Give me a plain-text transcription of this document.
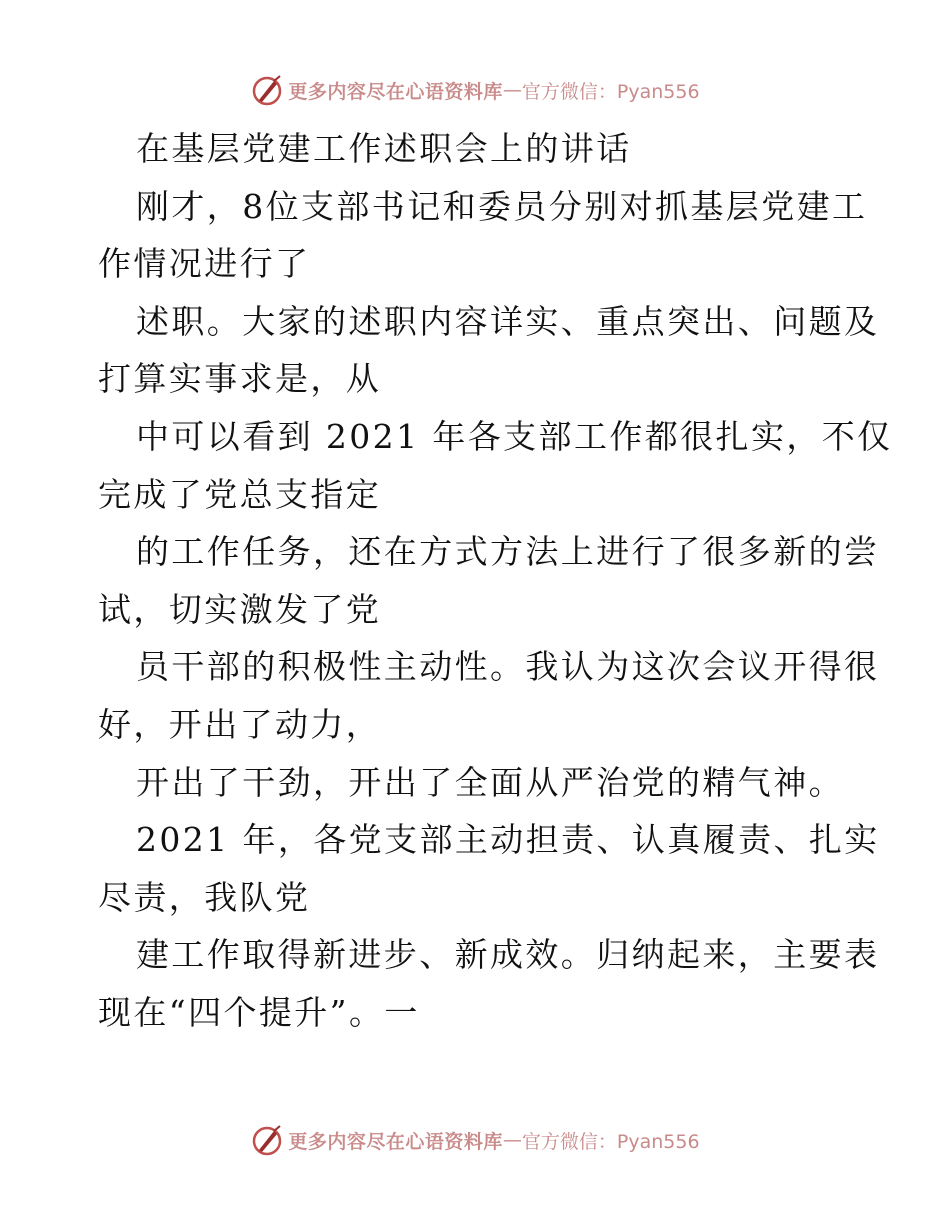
更多内容尽在心语资料库 — 官方微信：Pyan556
在基层党建工作述职会上的讲话
刚才，8位支部书记和委员分别对抓基层党建工
作情况进行了
述职。大家的述职内容详实、重点突出、问题及
打算实事求是，从
中可以看到 2021 年各支部工作都很扎实，不仅
完成了党总支指定
的工作任务，还在方式方法上进行了很多新的尝
试，切实激发了党
员干部的积极性主动性。我认为这次会议开得很
好，开出了动力，
开出了干劲，开出了全面从严治党的精气神。
2021 年，各党支部主动担责、认真履责、扎实
尽责，我队党
建工作取得新进步、新成效。归纳起来，主要表
现在“四个提升”。一
更多内容尽在心语资料库 — 官方微信：Pyan556
